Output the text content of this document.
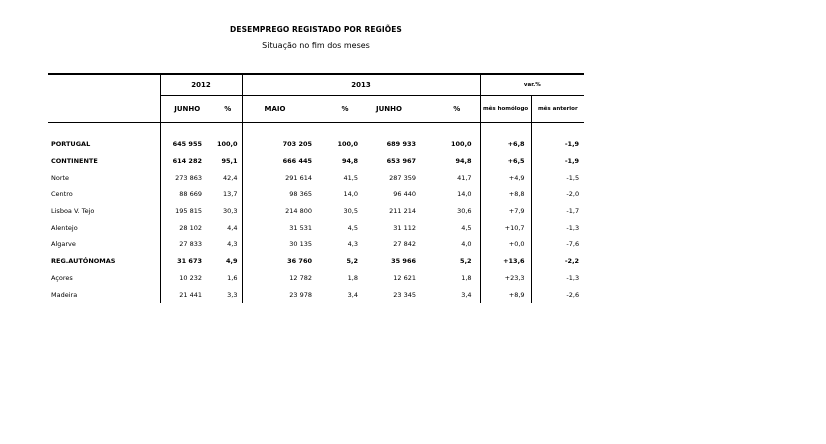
DESEMPREGO REGISTADO POR REGIÕES
Situação no fim dos meses
	2012		2013				var.%	
	JUNHO	%	MAIO	%	JUNHO	%	mês homólogo	mês anterior

PORTUGAL	645 955	100,0	703 205	100,0	689 933	100,0	+6,8	-1,9
CONTINENTE	614 282	95,1	666 445	94,8	653 967	94,8	+6,5	-1,9
Norte	273 863	42,4	291 614	41,5	287 359	41,7	+4,9	-1,5
Centro	88 669	13,7	98 365	14,0	96 440	14,0	+8,8	-2,0
Lisboa V. Tejo	195 815	30,3	214 800	30,5	211 214	30,6	+7,9	-1,7
Alentejo	28 102	4,4	31 531	4,5	31 112	4,5	+10,7	-1,3
Algarve	27 833	4,3	30 135	4,3	27 842	4,0	+0,0	-7,6
REG.AUTÓNOMAS	31 673	4,9	36 760	5,2	35 966	5,2	+13,6	-2,2
Açores	10 232	1,6	12 782	1,8	12 621	1,8	+23,3	-1,3
Madeira	21 441	3,3	23 978	3,4	23 345	3,4	+8,9	-2,6
